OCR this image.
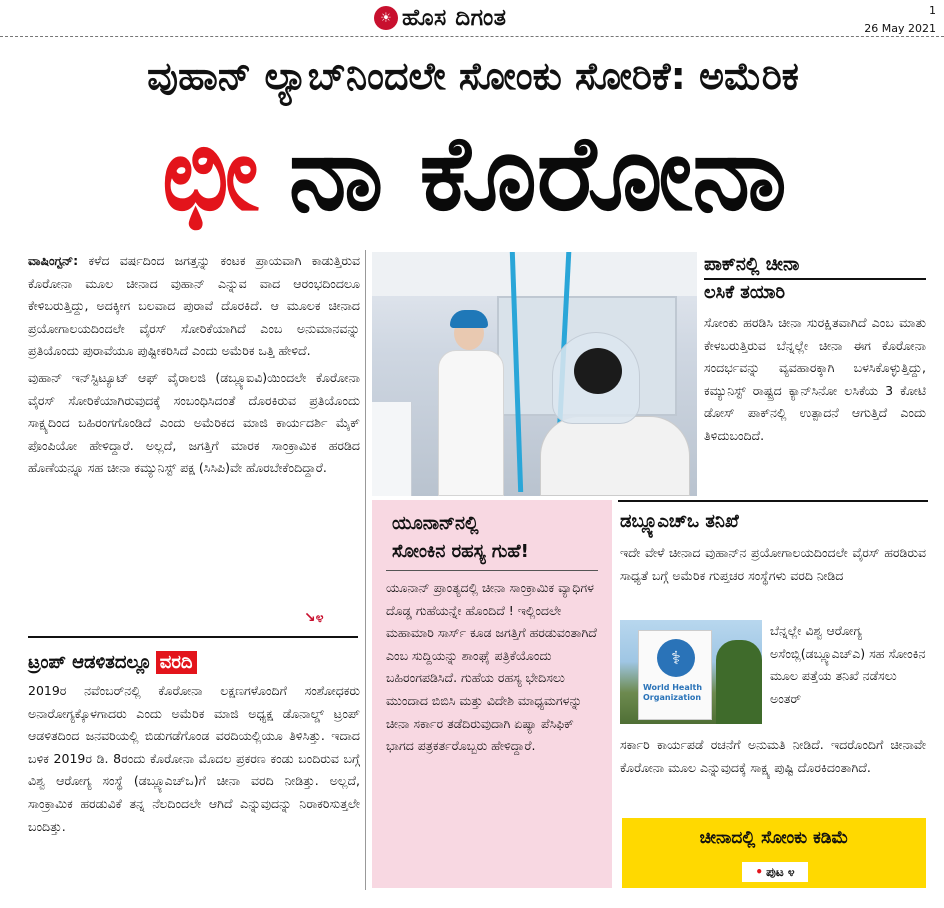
☀ ಹೊಸ ದಿಗಂತ	1
26 May 2021
ವುಹಾನ್ ಲ್ಯಾಬ್‌ನಿಂದಲೇ ಸೋಂಕು ಸೋರಿಕೆ: ಅಮೆರಿಕ
ಛೀ ನಾ ಕೊರೋನಾ

ವಾಷಿಂಗ್ಟನ್: ಕಳೆದ ವರ್ಷದಿಂದ ಜಗತ್ತನ್ನು ಕಂಟಕ ಪ್ರಾಯವಾಗಿ ಕಾಡುತ್ತಿರುವ ಕೊರೋನಾ ಮೂಲ ಚೀನಾದ ವುಹಾನ್ ಎನ್ನುವ ವಾದ ಆರಂಭದಿಂದಲೂ ಕೇಳಿಬರುತ್ತಿದ್ದು, ಅದಕ್ಕೀಗ ಬಲವಾದ ಪುರಾವೆ ದೊರಕಿದೆ. ಆ ಮೂಲಕ ಚೀನಾದ ಪ್ರಯೋಗಾಲಯದಿಂದಲೇ ವೈರಸ್ ಸೋರಿಕೆಯಾಗಿದೆ ಎಂಬ ಅನುಮಾನವನ್ನು ಪ್ರತಿಯೊಂದು ಪುರಾವೆಯೂ ಪುಷ್ಟೀಕರಿಸಿದೆ ಎಂದು ಅಮೆರಿಕ ಒತ್ತಿ ಹೇಳಿದೆ.

ವುಹಾನ್ ಇನ್‌ಸ್ಟಿಟ್ಯೂಟ್ ಆಫ್ ವೈರಾಲಜಿ (ಡಬ್ಲ್ಯೂಐವಿ)ಯಿಂದಲೇ ಕೊರೋನಾ ವೈರಸ್ ಸೋರಿಕೆಯಾಗಿರುವುದಕ್ಕೆ ಸಂಬಂಧಿಸಿದಂತೆ ದೊರಕಿರುವ ಪ್ರತಿಯೊಂದು ಸಾಕ್ಷ್ಯದಿಂದ ಬಹಿರಂಗಗೊಂಡಿದೆ ಎಂದು ಅಮೆರಿಕದ ಮಾಜಿ ಕಾರ್ಯದರ್ಶಿ ಮೈಕ್ ಪೊಂಪಿಯೋ ಹೇಳಿದ್ದಾರೆ. ಅಲ್ಲದೆ, ಜಗತ್ತಿಗೆ ಮಾರಕ ಸಾಂಕ್ರಾಮಿಕ ಹರಡಿದ ಹೊಣೆಯನ್ನೂ ಸಹ ಚೀನಾ ಕಮ್ಯುನಿಸ್ಟ್ ಪಕ್ಷ (ಸಿಸಿಪಿ)ವೇ ಹೊರಬೇಕೆಂದಿದ್ದಾರೆ.

↘೪
ಟ್ರಂಪ್ ಆಡಳಿತದಲ್ಲೂ ವರದಿ

2019ರ ನವೆಂಬರ್‌ನಲ್ಲಿ ಕೊರೋನಾ ಲಕ್ಷಣಗಳೊಂದಿಗೆ ಸಂಶೋಧಕರು ಅನಾರೋಗ್ಯಕ್ಕೊಳಗಾದರು ಎಂದು ಅಮೆರಿಕ ಮಾಜಿ ಅಧ್ಯಕ್ಷ ಡೊನಾಲ್ಡ್ ಟ್ರಂಪ್ ಆಡಳಿತದಿಂದ ಜನವರಿಯಲ್ಲಿ ಬಿಡುಗಡೆಗೊಂಡ ವರದಿಯಲ್ಲಿಯೂ ತಿಳಿಸಿತ್ತು. ಇದಾದ ಬಳಿಕ 2019ರ ಡಿ. 8ರಂದು ಕೊರೋನಾ ಮೊದಲ ಪ್ರಕರಣ ಕಂಡು ಬಂದಿರುವ ಬಗ್ಗೆ ವಿಶ್ವ ಆರೋಗ್ಯ ಸಂಸ್ಥೆ (ಡಬ್ಲ್ಯೂಎಚ್‌ಒ)ಗೆ ಚೀನಾ ವರದಿ ನೀಡಿತ್ತು. ಅಲ್ಲದೆ, ಸಾಂಕ್ರಾಮಿಕ ಹರಡುವಿಕೆ ತನ್ನ ನೆಲದಿಂದಲೇ ಆಗಿದೆ ಎನ್ನುವುದನ್ನು ನಿರಾಕರಿಸುತ್ತಲೇ ಬಂದಿತ್ತು.

ಪಾಕ್‌ನಲ್ಲಿ ಚೀನಾ
ಲಸಿಕೆ ತಯಾರಿ

ಸೋಂಕು ಹರಡಿಸಿ ಚೀನಾ ಸುರಕ್ಷಿತವಾಗಿದೆ ಎಂಬ ಮಾತು ಕೇಳಬರುತ್ತಿರುವ ಬೆನ್ನಲ್ಲೇ ಚೀನಾ ಈಗ ಕೊರೋನಾ ಸಂದರ್ಭವನ್ನು ವ್ಯವಹಾರಕ್ಕಾಗಿ ಬಳಸಿಕೊಳ್ಳುತ್ತಿದ್ದು, ಕಮ್ಯುನಿಸ್ಟ್ ರಾಷ್ಟ್ರದ ಕ್ಯಾನ್‌ಸಿನೋ ಲಸಿಕೆಯ 3 ಕೋಟಿ ಡೋಸ್ ಪಾಕ್‌ನಲ್ಲಿ ಉತ್ಪಾದನೆ ಆಗುತ್ತಿದೆ ಎಂದು ತಿಳಿದುಬಂದಿದೆ.

ಯೂನಾನ್‌ನಲ್ಲಿ
ಸೋಂಕಿನ ರಹಸ್ಯ ಗುಹೆ!

ಯೂನಾನ್ ಪ್ರಾಂತ್ಯದಲ್ಲಿ ಚೀನಾ ಸಾಂಕ್ರಾಮಿಕ ವ್ಯಾಧಿಗಳ ದೊಡ್ಡ ಗುಹೆಯನ್ನೇ ಹೊಂದಿದೆ ! ಇಲ್ಲಿಂದಲೇ ಮಹಾಮಾರಿ ಸಾರ್ಸ್ ಕೂಡ ಜಗತ್ತಿಗೆ ಹರಡುವಂತಾಗಿದೆ ಎಂಬ ಸುದ್ದಿಯನ್ನು ಶಾಂಘೈ ಪತ್ರಿಕೆಯೊಂದು ಬಹಿರಂಗಪಡಿಸಿದೆ. ಗುಹೆಯ ರಹಸ್ಯ ಭೇದಿಸಲು ಮುಂದಾದ ಬಿಬಿಸಿ ಮತ್ತು ವಿದೇಶಿ ಮಾಧ್ಯಮಗಳನ್ನು ಚೀನಾ ಸರ್ಕಾರ ತಡೆದಿರುವುದಾಗಿ ಏಷ್ಯಾ ಪೆಸಿಫಿಕ್ ಭಾಗದ ಪತ್ರಕರ್ತರೊಬ್ಬರು ಹೇಳಿದ್ದಾರೆ.

ಡಬ್ಲ್ಯೂಎಚ್‌ಒ ತನಿಖೆ

ಇದೇ ವೇಳೆ ಚೀನಾದ ವುಹಾನ್‌ನ ಪ್ರಯೋಗಾಲಯದಿಂದಲೇ ವೈರಸ್ ಹರಡಿರುವ ಸಾಧ್ಯತೆ ಬಗ್ಗೆ ಅಮೆರಿಕ ಗುಪ್ತಚರ ಸಂಸ್ಥೆಗಳು ವರದಿ ನೀಡಿದ

⚕
World Health Organization

ಬೆನ್ನಲ್ಲೇ ವಿಶ್ವ ಆರೋಗ್ಯ ಅಸೆಂಬ್ಲಿ(ಡಬ್ಲ್ಯೂಎಚ್‌ಎ) ಸಹ ಸೋಂಕಿನ ಮೂಲ ಪತ್ತೆಯ ತನಿಖೆ ನಡೆಸಲು ಅಂತರ್

ಸರ್ಕಾರಿ ಕಾರ್ಯಪಡೆ ರಚನೆಗೆ ಅನುಮತಿ ನೀಡಿದೆ. ಇದರೊಂದಿಗೆ ಚೀನಾವೇ ಕೊರೋನಾ ಮೂಲ ಎನ್ನುವುದಕ್ಕೆ ಸಾಕ್ಷ್ಯ ಪುಷ್ಟಿ ದೊರಕಿದಂತಾಗಿದೆ.

ಚೀನಾದಲ್ಲಿ ಸೋಂಕು ಕಡಿಮೆ
• ಪುಟ ೪
